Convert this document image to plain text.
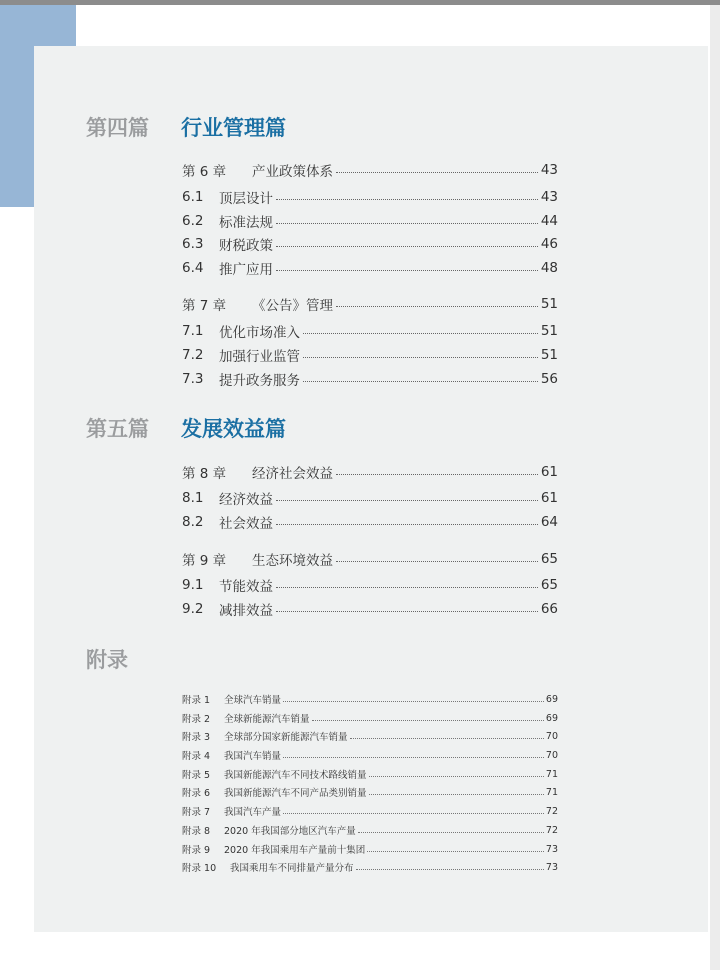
第四篇	行业管理篇
第 6 章	产业政策体系	43
6.1	顶层设计	43
6.2	标准法规	44
6.3	财税政策	46
6.4	推广应用	48
第 7 章	《公告》管理	51
7.1	优化市场准入	51
7.2	加强行业监管	51
7.3	提升政务服务	56
第五篇	发展效益篇
第 8 章	经济社会效益	61
8.1	经济效益	61
8.2	社会效益	64
第 9 章	生态环境效益	65
9.1	节能效益	65
9.2	减排效益	66
附录
附录 1	全球汽车销量	69
附录 2	全球新能源汽车销量	69
附录 3	全球部分国家新能源汽车销量	70
附录 4	我国汽车销量	70
附录 5	我国新能源汽车不同技术路线销量	71
附录 6	我国新能源汽车不同产品类别销量	71
附录 7	我国汽车产量	72
附录 8	2020 年我国部分地区汽车产量	72
附录 9	2020 年我国乘用车产量前十集团	73
附录 10	我国乘用车不同排量产量分布	73
